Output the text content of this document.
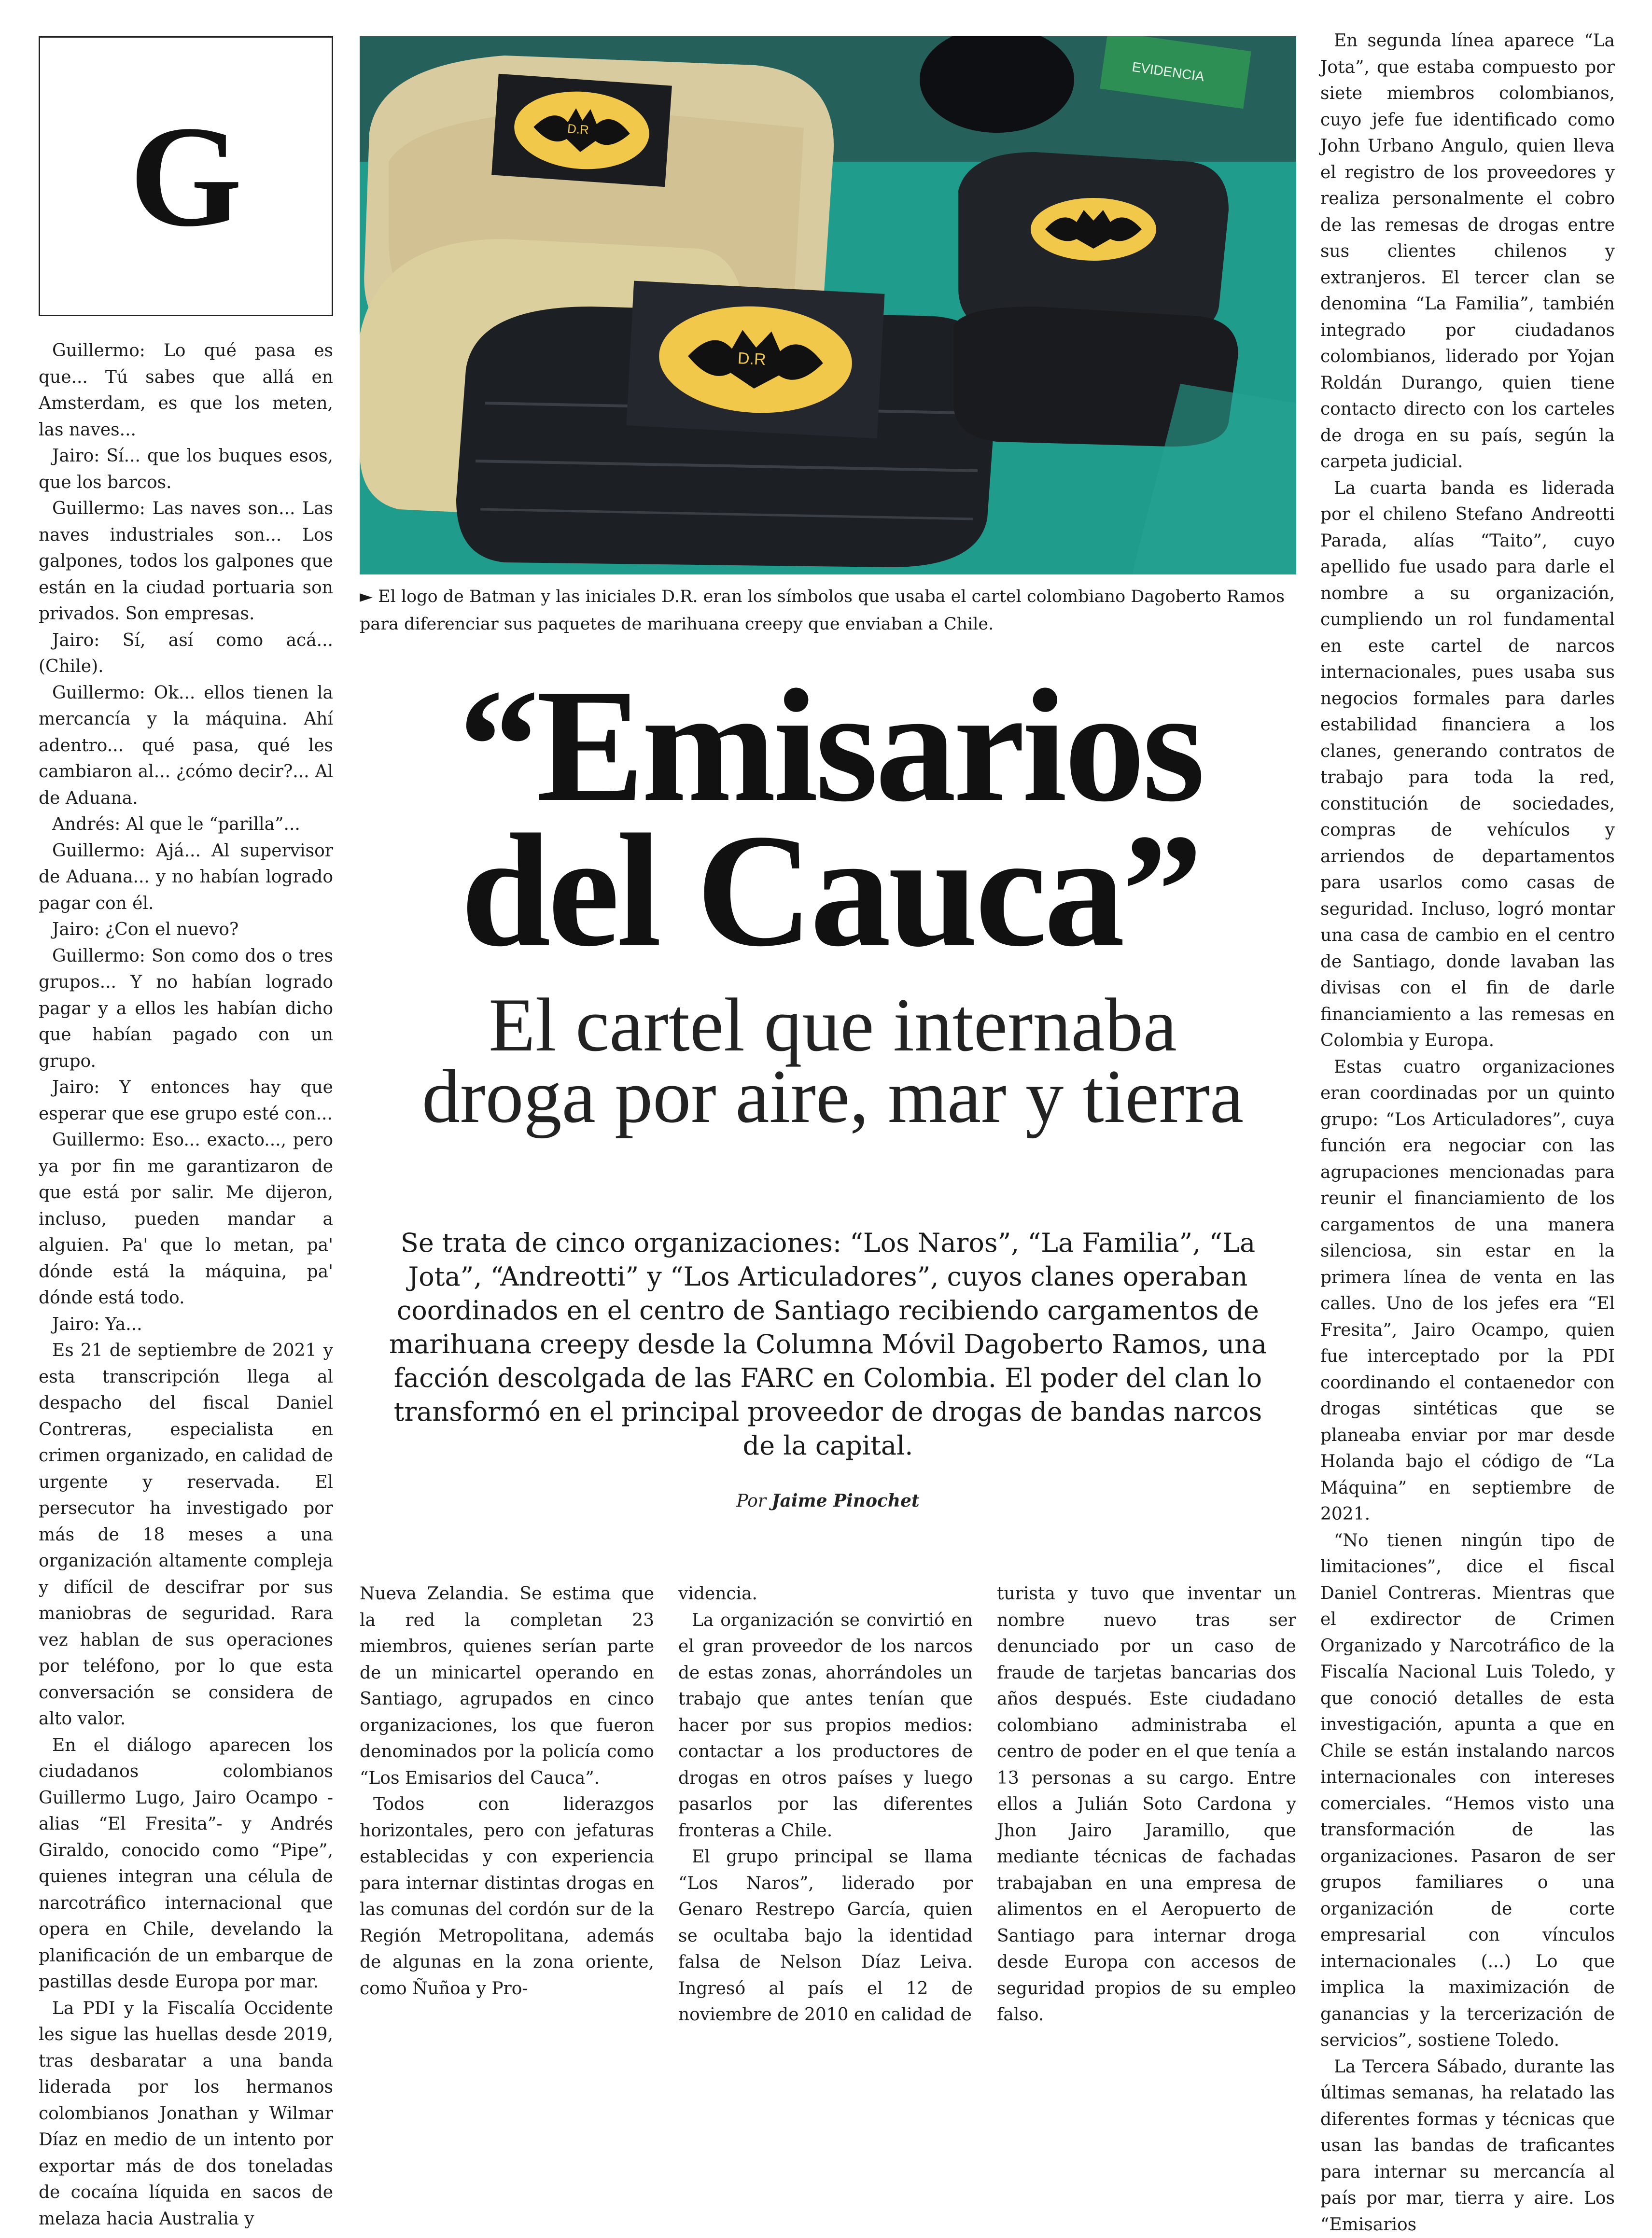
G
EVIDENCIA
D.R
D.R
► El logo de Batman y las iniciales D.R. eran los símbolos que usaba el cartel colombiano Dagoberto Ramos para diferenciar sus paquetes de marihuana creepy que enviaban a Chile.
“Emisarios
del Cauca”
El cartel que internaba
droga por aire, mar y tierra
Se trata de cinco organizaciones: “Los Naros”, “La Familia”, “La Jota”, “Andreotti” y “Los Articuladores”, cuyos clanes operaban coordinados en el centro de Santiago recibiendo cargamentos de marihuana creepy desde la Columna Móvil Dagoberto Ramos, una facción descolgada de las FARC en Colombia. El poder del clan lo transformó en el principal proveedor de drogas de bandas narcos de la capital.
Por Jaime Pinochet

Guillermo: Lo qué pasa es que... Tú sabes que allá en Amsterdam, es que los meten, las naves...

Jairo: Sí... que los buques esos, que los barcos.

Guillermo: Las naves son... Las naves industriales son... Los galpones, todos los galpones que están en la ciudad portuaria son privados. Son empresas.

Jairo: Sí, así como acá... (Chile).

Guillermo: Ok... ellos tienen la mercancía y la máquina. Ahí adentro... qué pasa, qué les cambiaron al... ¿cómo decir?... Al de Aduana.

Andrés: Al que le “parilla”...

Guillermo: Ajá... Al supervisor de Aduana... y no habían logrado pagar con él.

Jairo: ¿Con el nuevo?

Guillermo: Son como dos o tres grupos... Y no habían logrado pagar y a ellos les habían dicho que habían pagado con un grupo.

Jairo: Y entonces hay que esperar que ese grupo esté con...

Guillermo: Eso... exacto..., pero ya por fin me garantizaron de que está por salir. Me dijeron, incluso, pueden mandar a alguien. Pa' que lo metan, pa' dónde está la máquina, pa' dónde está todo.

Jairo: Ya...

Es 21 de septiembre de 2021 y esta transcripción llega al despacho del fiscal Daniel Contreras, especialista en crimen organizado, en calidad de urgente y reservada. El persecutor ha investigado por más de 18 meses a una organización altamente compleja y difícil de descifrar por sus maniobras de seguridad. Rara vez hablan de sus operaciones por teléfono, por lo que esta conversación se considera de alto valor.

En el diálogo aparecen los ciudadanos colombianos Guillermo Lugo, Jairo Ocampo -alias “El Fresita”- y Andrés Giraldo, conocido como “Pipe”, quienes integran una célula de narcotráfico internacional que opera en Chile, develando la planificación de un embarque de pastillas desde Europa por mar.

La PDI y la Fiscalía Occidente les sigue las huellas desde 2019, tras desbaratar a una banda liderada por los hermanos colombianos Jonathan y Wilmar Díaz en medio de un intento por exportar más de dos toneladas de cocaína líquida en sacos de melaza hacia Australia y

Nueva Zelandia. Se estima que la red la completan 23 miembros, quienes serían parte de un minicartel operando en Santiago, agrupados en cinco organizaciones, los que fueron denominados por la policía como “Los Emisarios del Cauca”.

Todos con liderazgos horizontales, pero con jefaturas establecidas y con experiencia para internar distintas drogas en las comunas del cordón sur de la Región Metropolitana, además de algunas en la zona oriente, como Ñuñoa y Pro-

videncia.

La organización se convirtió en el gran proveedor de los narcos de estas zonas, ahorrándoles un trabajo que antes tenían que hacer por sus propios medios: contactar a los productores de drogas en otros países y luego pasarlos por las diferentes fronteras a Chile.

El grupo principal se llama “Los Naros”, liderado por Genaro Restrepo García, quien se ocultaba bajo la identidad falsa de Nelson Díaz Leiva. Ingresó al país el 12 de noviembre de 2010 en calidad de

turista y tuvo que inventar un nombre nuevo tras ser denunciado por un caso de fraude de tarjetas bancarias dos años después. Este ciudadano colombiano administraba el centro de poder en el que tenía a 13 personas a su cargo. Entre ellos a Julián Soto Cardona y Jhon Jairo Jaramillo, que mediante técnicas de fachadas trabajaban en una empresa de alimentos en el Aeropuerto de Santiago para internar droga desde Europa con accesos de seguridad propios de su empleo falso.

En segunda línea aparece “La Jota”, que estaba compuesto por siete miembros colombianos, cuyo jefe fue identificado como John Urbano Angulo, quien lleva el registro de los proveedores y realiza personalmente el cobro de las remesas de drogas entre sus clientes chilenos y extranjeros. El tercer clan se denomina “La Familia”, también integrado por ciudadanos colombianos, liderado por Yojan Roldán Durango, quien tiene contacto directo con los carteles de droga en su país, según la carpeta judicial.

La cuarta banda es liderada por el chileno Stefano Andreotti Parada, alías “Taito”, cuyo apellido fue usado para darle el nombre a su organización, cumpliendo un rol fundamental en este cartel de narcos internacionales, pues usaba sus negocios formales para darles estabilidad financiera a los clanes, generando contratos de trabajo para toda la red, constitución de sociedades, compras de vehículos y arriendos de departamentos para usarlos como casas de seguridad. Incluso, logró montar una casa de cambio en el centro de Santiago, donde lavaban las divisas con el fin de darle financiamiento a las remesas en Colombia y Europa.

Estas cuatro organizaciones eran coordinadas por un quinto grupo: “Los Articuladores”, cuya función era negociar con las agrupaciones mencionadas para reunir el financiamiento de los cargamentos de una manera silenciosa, sin estar en la primera línea de venta en las calles. Uno de los jefes era “El Fresita”, Jairo Ocampo, quien fue interceptado por la PDI coordinando el contaenedor con drogas sintéticas que se planeaba enviar por mar desde Holanda bajo el código de “La Máquina” en septiembre de 2021.

“No tienen ningún tipo de limitaciones”, dice el fiscal Daniel Contreras. Mientras que el exdirector de Crimen Organizado y Narcotráfico de la Fiscalía Nacional Luis Toledo, y que conoció detalles de esta investigación, apunta a que en Chile se están instalando narcos internacionales con intereses comerciales. “Hemos visto una transformación de las organizaciones. Pasaron de ser grupos familiares o una organización de corte empresarial con vínculos internacionales (...) Lo que implica la maximización de ganancias y la tercerización de servicios”, sostiene Toledo.

La Tercera Sábado, durante las últimas semanas, ha relatado las diferentes formas y técnicas que usan las bandas de traficantes para internar su mercancía al país por mar, tierra y aire. Los “Emisarios
